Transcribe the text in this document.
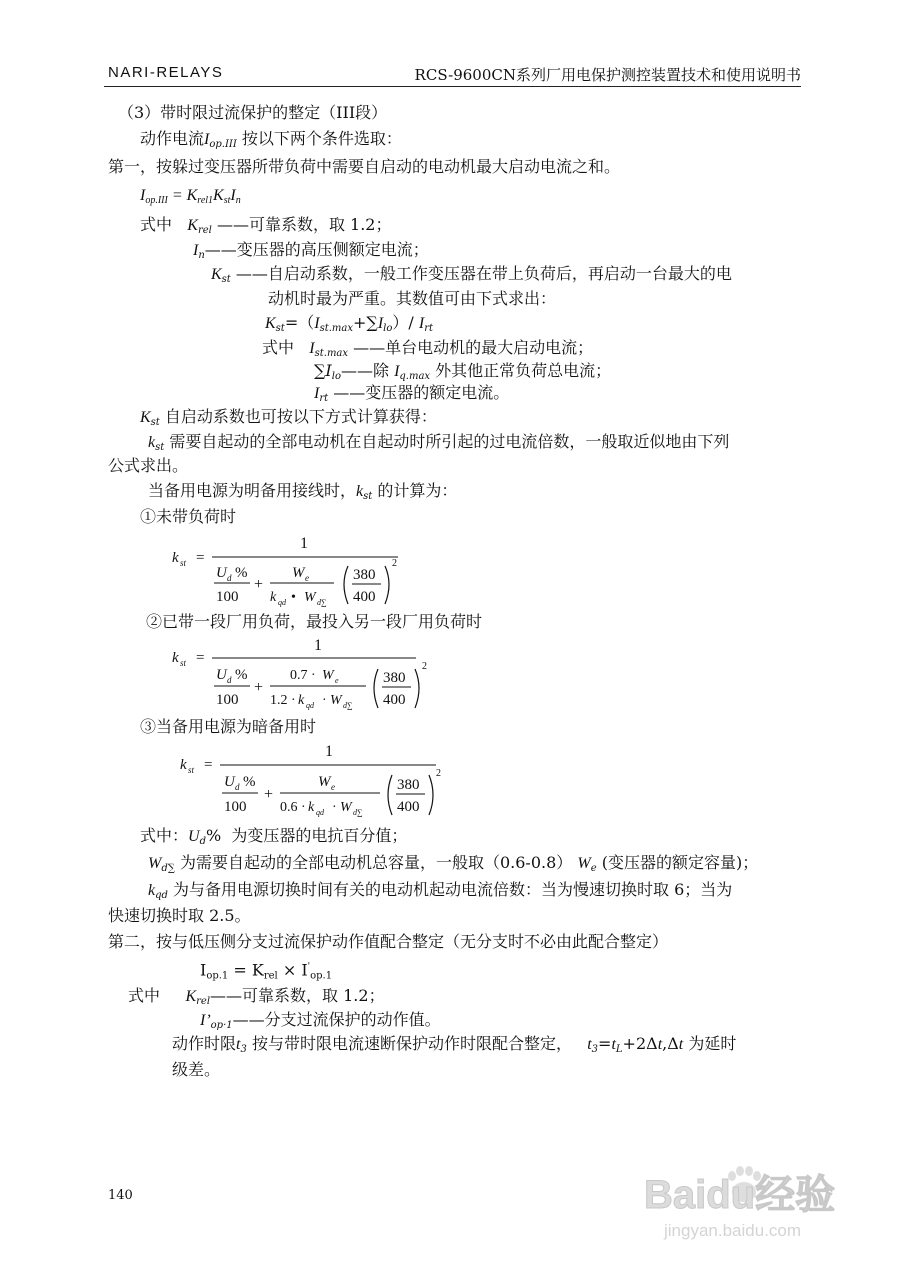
NARI-RELAYS	RCS-9600CN系列厂用电保护测控装置技术和使用说明书
（3）带时限过流保护的整定（III段）
动作电流$I_{op.III}$ 按以下两个条件选取：
第一，按躲过变压器所带负荷中需要自启动的电动机最大启动电流之和。
$I_{op.III} = K_{rel1}K_{st}I_n$
式中 $K_{rel}$ ——可靠系数，取 1.2；
$I_n——$变压器的高压侧额定电流；
$K_{st}$ ——自启动系数，一般工作变压器在带上负荷后，再启动一台最大的电
动机时最为严重。其数值可由下式求出：
$K_{st}=(I_{st.max}+\sum I_{lo})/$ $I_{rt}$
式中 $I_{st.max}$ ——单台电动机的最大启动电流；
$\sum I_{lo}——$除 $I_{q.max}$ 外其他正常负荷总电流；
$I_{rt}$ ——变压器的额定电流。
$K_{st}$ 自启动系数也可按以下方式计算获得：
$k_{st}$ 需要自起动的全部电动机在自起动时所引起的过电流倍数，一般取近似地由下列
公式求出。
当备用电源为明备用接线时，$k_{st}$ 的计算为：
①未带负荷时
k st =
1
U d %
100
+
W e
k qd • W d∑
380
400
2
②已带一段厂用负荷，最投入另一段厂用负荷时
k st =
1
U d %
100
+
0.7 · W e
1.2 · k qd · W d∑
380
400
2
③当备用电源为暗备用时
k st =
1
U d %
100
+
W e
0.6 · k qd · W d∑
380
400
2
式中：$U_d\%$ 为变压器的电抗百分值；
$W_{d\sum}$ 为需要自起动的全部电动机总容量，一般取（0.6-0.8） $W_e$ (变压器的额定容量)；
$k_{qd}$ 为与备用电源切换时间有关的电动机起动电流倍数：当为慢速切换时取 6；当为
快速切换时取 2.5。
第二，按与低压侧分支过流保护动作值配合整定（无分支时不必由此配合整定）
$I_{op.1} = K_{rel} \times I'_{op.1}$
式中 $K_{rel}——$可靠系数，取 1.2；
$I’_{op\cdot 1}——$分支过流保护的动作值。
动作时限$t_3$ 按与带时限电流速断保护动作时限配合整定， $t_3=t_L+2\Delta t,\Delta t$ 为延时
级差。
140	Baidu经验
jingyan.baidu.com
